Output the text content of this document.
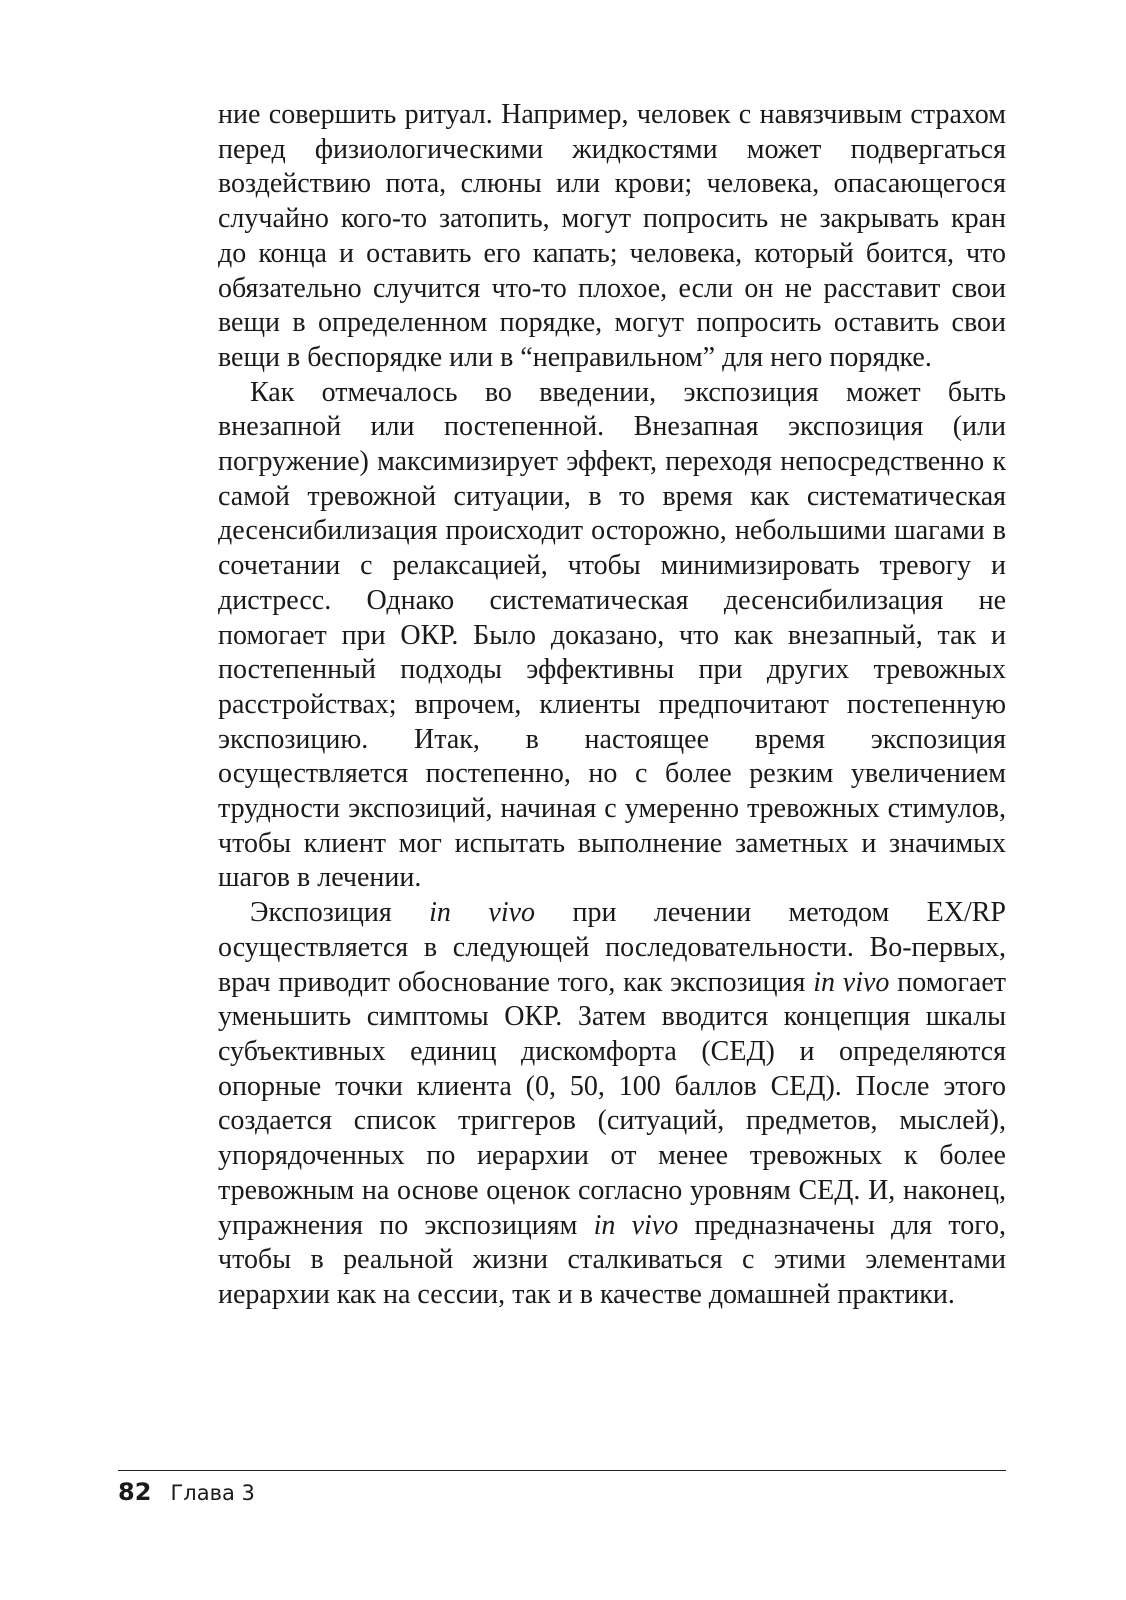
ние совершить ритуал. Например, человек с навязчивым страхом перед физиологическими жидкостями может подвергаться воздействию пота, слюны или крови; человека, опасающегося случайно кого-то затопить, могут попросить не закрывать кран до конца и оставить его капать; человека, который боится, что обязательно случится что-то плохое, если он не расставит свои вещи в определенном порядке, могут попросить оставить свои вещи в беспорядке или в “неправильном” для него порядке.

Как отмечалось во введении, экспозиция может быть внезапной или постепенной. Внезапная экспозиция (или погружение) максимизирует эффект, переходя непосредственно к самой тревожной ситуации, в то время как систематическая десенсибилизация происходит осторожно, небольшими шагами в сочетании с релаксацией, чтобы минимизировать тревогу и дистресс. Однако систематическая десенсибилизация не помогает при ОКР. Было доказано, что как внезапный, так и постепенный подходы эффективны при других тревожных расстройствах; впрочем, клиенты предпочитают постепенную экспозицию. Итак, в настоящее время экспозиция осуществляется постепенно, но с более резким увеличением трудности экспозиций, начиная с умеренно тревожных стимулов, чтобы клиент мог испытать выполнение заметных и значимых шагов в лечении.

Экспозиция in vivo при лечении методом EX/RP осуществляется в следующей последовательности. Во-первых, врач приводит обоснование того, как экспозиция in vivo помогает уменьшить симптомы ОКР. Затем вводится концепция шкалы субъективных единиц дискомфорта (СЕД) и определяются опорные точки клиента (0, 50, 100 баллов СЕД). После этого создается список триггеров (ситуаций, предметов, мыслей), упорядоченных по иерархии от менее тревожных к более тревожным на основе оценок согласно уровням СЕД. И, наконец, упражнения по экспозициям in vivo предназначены для того, чтобы в реальной жизни сталкиваться с этими элементами иерархии как на сессии, так и в качестве домашней практики.

82 Глава 3
